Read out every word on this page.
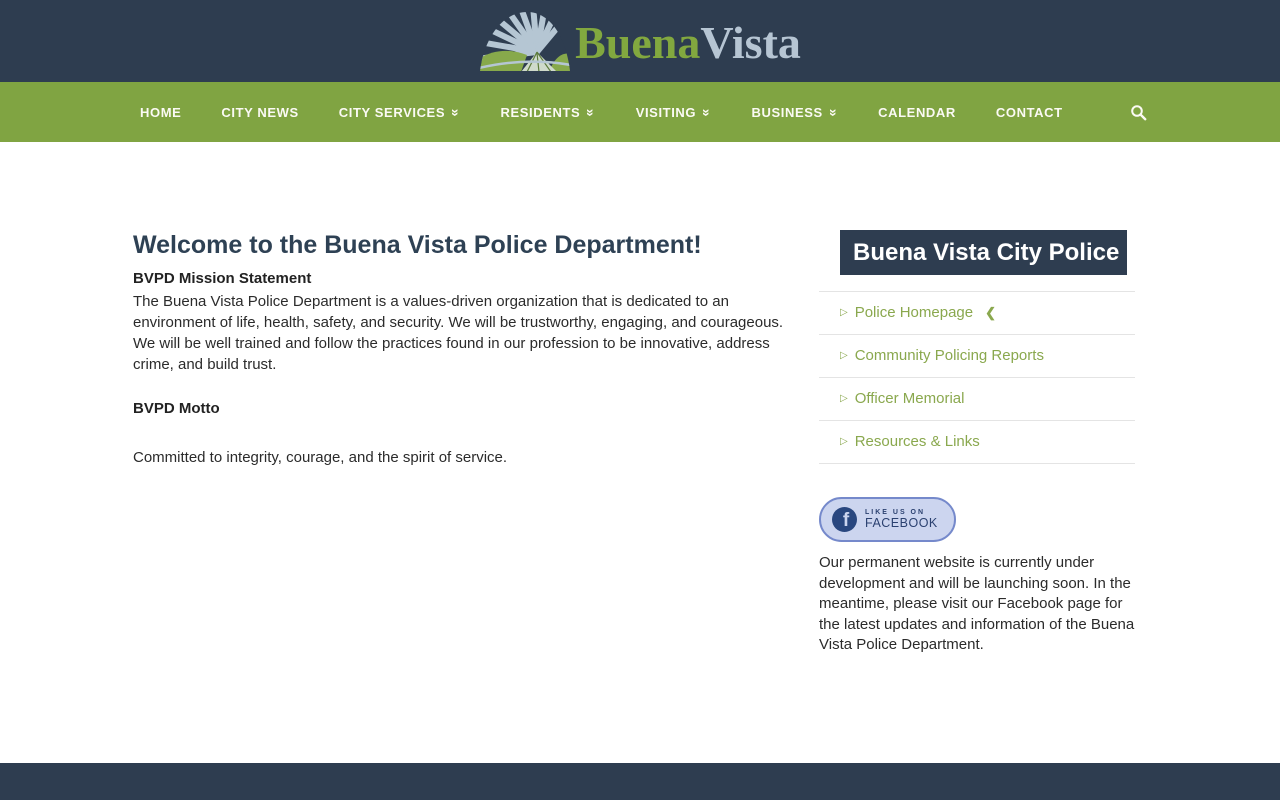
BuenaVista
HOME	CITY NEWS	CITY SERVICES »	RESIDENTS »	VISITING »	BUSINESS »	CALENDAR	CONTACT
Welcome to the Buena Vista Police Department!
BVPD Mission Statement

The Buena Vista Police Department is a values-driven organization that is dedicated to an environment of life, health, safety, and security. We will be trustworthy, engaging, and courageous. We will be well trained and follow the practices found in our profession to be innovative, address crime, and build trust.

BVPD Motto

Committed to integrity, courage, and the spirit of service.

Buena Vista City Police
▷ Police Homepage ❮
▷ Community Policing Reports
▷ Officer Memorial
▷ Resources & Links
f	LIKE US ON
FACEBOOK

Our permanent website is currently under development and will be launching soon. In the meantime, please visit our Facebook page for the latest updates and information of the Buena Vista Police Department.
